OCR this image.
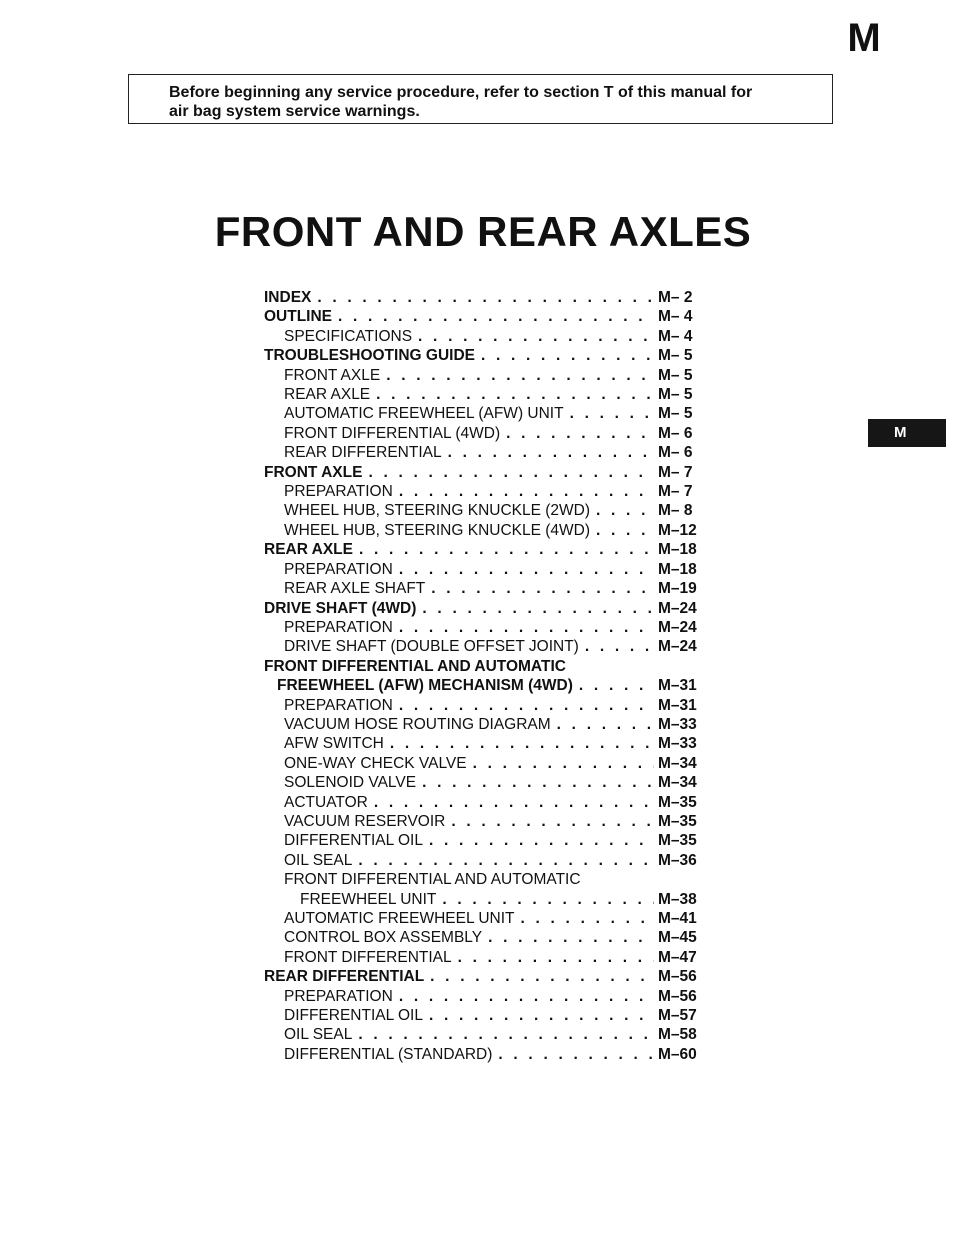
M
Before beginning any service procedure, refer to section T of this manual for
air bag system service warnings.
FRONT AND REAR AXLES
M
INDEX . . .	M– 2
OUTLINE . . .	M– 4
SPECIFICATIONS . . .	M– 4
TROUBLESHOOTING GUIDE . . .	M– 5
FRONT AXLE . . .	M– 5
REAR AXLE . . .	M– 5
AUTOMATIC FREEWHEEL (AFW) UNIT . . .	M– 5
FRONT DIFFERENTIAL (4WD) . . .	M– 6
REAR DIFFERENTIAL . . .	M– 6
FRONT AXLE . . .	M– 7
PREPARATION . . .	M– 7
WHEEL HUB, STEERING KNUCKLE (2WD) . . .	M– 8
WHEEL HUB, STEERING KNUCKLE (4WD) . . .	M–12
REAR AXLE . . .	M–18
PREPARATION . . .	M–18
REAR AXLE SHAFT . . .	M–19
DRIVE SHAFT (4WD) . . .	M–24
PREPARATION . . .	M–24
DRIVE SHAFT (DOUBLE OFFSET JOINT) . . .	M–24
FRONT DIFFERENTIAL AND AUTOMATIC
FREEWHEEL (AFW) MECHANISM (4WD) . . .	M–31
PREPARATION . . .	M–31
VACUUM HOSE ROUTING DIAGRAM . . .	M–33
AFW SWITCH . . .	M–33
ONE-WAY CHECK VALVE . . .	M–34
SOLENOID VALVE . . .	M–34
ACTUATOR . . .	M–35
VACUUM RESERVOIR . . .	M–35
DIFFERENTIAL OIL . . .	M–35
OIL SEAL . . .	M–36
FRONT DIFFERENTIAL AND AUTOMATIC
FREEWHEEL UNIT . . .	M–38
AUTOMATIC FREEWHEEL UNIT . . .	M–41
CONTROL BOX ASSEMBLY . . .	M–45
FRONT DIFFERENTIAL . . .	M–47
REAR DIFFERENTIAL . . .	M–56
PREPARATION . . .	M–56
DIFFERENTIAL OIL . . .	M–57
OIL SEAL . . .	M–58
DIFFERENTIAL (STANDARD) . . .	M–60
